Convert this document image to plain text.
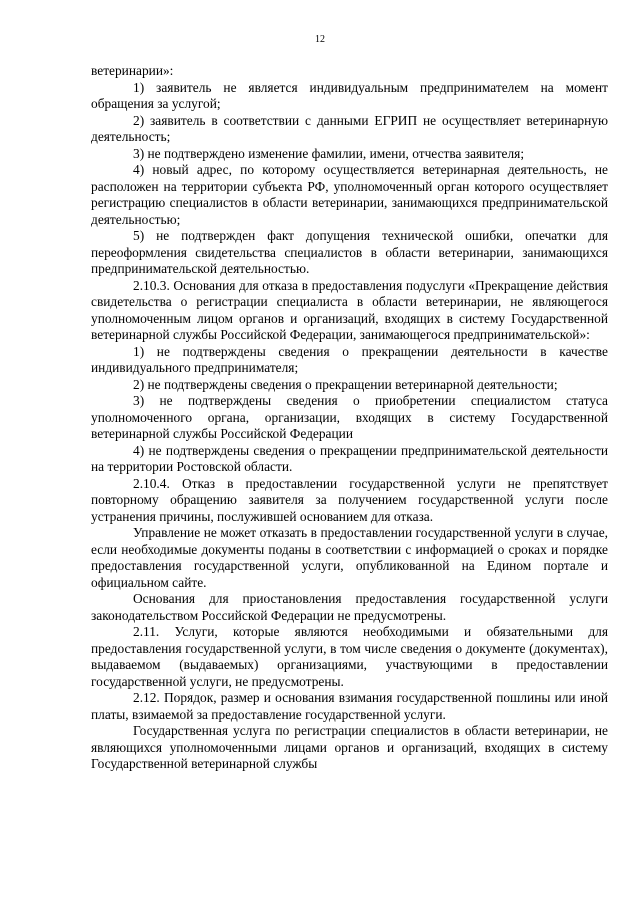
12

ветеринарии»:

1) заявитель не является индивидуальным предпринимателем на момент обращения за услугой;

2) заявитель в соответствии с данными ЕГРИП не осуществляет ветеринарную деятельность;

3) не подтверждено изменение фамилии, имени, отчества заявителя;

4) новый адрес, по которому осуществляется ветеринарная деятельность, не расположен на территории субъекта РФ, уполномоченный орган которого осуществляет регистрацию специалистов в области ветеринарии, занимающихся предпринимательской деятельностью;

5) не подтвержден факт допущения технической ошибки, опечатки для переоформления свидетельства специалистов в области ветеринарии, занимающихся предпринимательской деятельностью.

2.10.3. Основания для отказа в предоставления подуслуги «Прекращение действия свидетельства о регистрации специалиста в области ветеринарии, не являющегося уполномоченным лицом органов и организаций, входящих в систему Государственной ветеринарной службы Российской Федерации, занимающегося предпринимательской»:

1) не подтверждены сведения о прекращении деятельности в качестве индивидуального предпринимателя;

2) не подтверждены сведения о прекращении ветеринарной деятельности;

3) не подтверждены сведения о приобретении специалистом статуса уполномоченного органа, организации, входящих в систему Государственной ветеринарной службы Российской Федерации

4) не подтверждены сведения о прекращении предпринимательской деятельности на территории Ростовской области.

2.10.4. Отказ в предоставлении государственной услуги не препятствует повторному обращению заявителя за получением государственной услуги после устранения причины, послужившей основанием для отказа.

Управление не может отказать в предоставлении государственной услуги в случае, если необходимые документы поданы в соответствии с информацией о сроках и порядке предоставления государственной услуги, опубликованной на Едином портале и официальном сайте.

Основания для приостановления предоставления государственной услуги законодательством Российской Федерации не предусмотрены.

2.11. Услуги, которые являются необходимыми и обязательными для предоставления государственной услуги, в том числе сведения о документе (документах), выдаваемом (выдаваемых) организациями, участвующими в предоставлении государственной услуги, не предусмотрены.

2.12. Порядок, размер и основания взимания государственной пошлины или иной платы, взимаемой за предоставление государственной услуги.

Государственная услуга по регистрации специалистов в области ветеринарии, не являющихся уполномоченными лицами органов и организаций, входящих в систему Государственной ветеринарной службы
